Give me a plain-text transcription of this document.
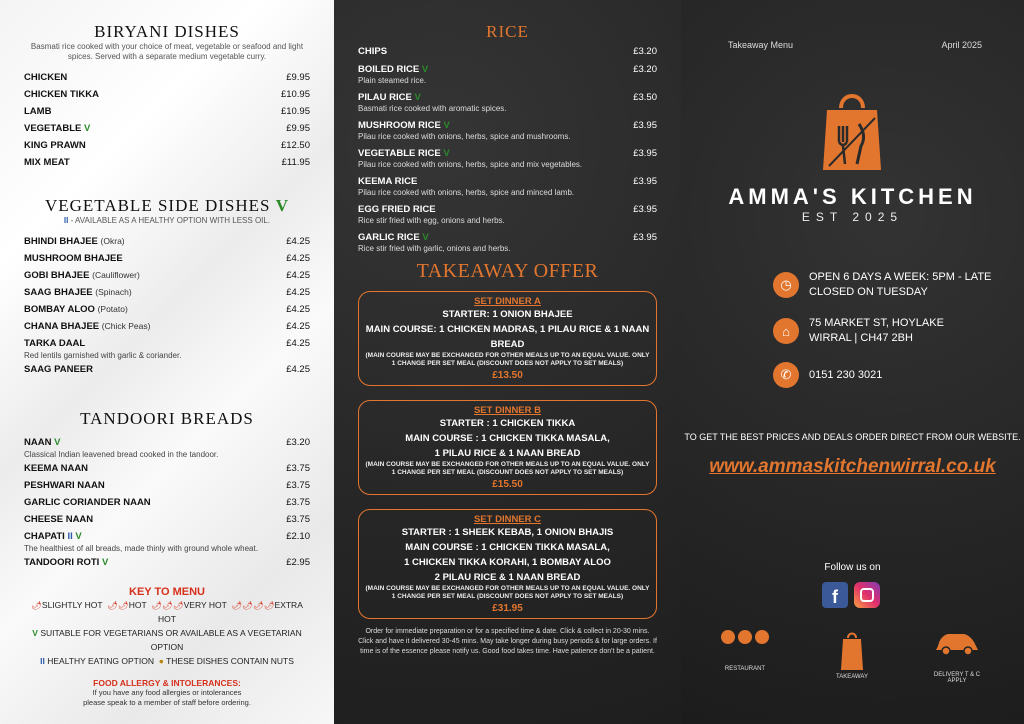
BIRYANI DISHES
Basmati rice cooked with your choice of meat, vegetable or seafood and light spices. Served with a separate medium vegetable curry.
CHICKEN	£9.95
CHICKEN TIKKA	£10.95
LAMB	£10.95
VEGETABLE V	£9.95
KING PRAWN	£12.50
MIX MEAT	£11.95
VEGETABLE SIDE DISHES V
II - AVAILABLE AS A HEALTHY OPTION WITH LESS OIL.
BHINDI BHAJEE (Okra)	£4.25
MUSHROOM BHAJEE	£4.25
GOBI BHAJEE (Cauliflower)	£4.25
SAAG BHAJEE (Spinach)	£4.25
BOMBAY ALOO (Potato)	£4.25
CHANA BHAJEE (Chick Peas)	£4.25
TARKA DAAL	£4.25
Red lentils garnished with garlic & coriander.
SAAG PANEER	£4.25
TANDOORI BREADS
NAAN V	£3.20
Classical Indian leavened bread cooked in the tandoor.
KEEMA NAAN	£3.75
PESHWARI NAAN	£3.75
GARLIC CORIANDER NAAN	£3.75
CHEESE NAAN	£3.75
CHAPATI II V	£2.10
The healthiest of all breads, made thinly with ground whole wheat.
TANDOORI ROTI V	£2.95
KEY TO MENU
🌶SLIGHTLY HOT 🌶🌶HOT 🌶🌶🌶VERY HOT 🌶🌶🌶🌶EXTRA HOT
V SUITABLE FOR VEGETARIANS OR AVAILABLE AS A VEGETARIAN OPTION
II HEALTHY EATING OPTION ● THESE DISHES CONTAIN NUTS
FOOD ALLERGY & INTOLERANCES:
If you have any food allergies or intolerances
please speak to a member of staff before ordering.
RICE
CHIPS	£3.20
BOILED RICE V	£3.20
Plain steamed rice.
PILAU RICE V	£3.50
Basmati rice cooked with aromatic spices.
MUSHROOM RICE V	£3.95
Pilau rice cooked with onions, herbs, spice and mushrooms.
VEGETABLE RICE V	£3.95
Pilau rice cooked with onions, herbs, spice and mix vegetables.
KEEMA RICE	£3.95
Pilau rice cooked with onions, herbs, spice and minced lamb.
EGG FRIED RICE	£3.95
Rice stir fried with egg, onions and herbs.
GARLIC RICE V	£3.95
Rice stir fried with garlic, onions and herbs.
TAKEAWAY OFFER
SET DINNER A
STARTER: 1 ONION BHAJEE
MAIN COURSE: 1 CHICKEN MADRAS, 1 PILAU RICE & 1 NAAN
BREAD
(MAIN COURSE MAY BE EXCHANGED FOR OTHER MEALS UP TO AN EQUAL VALUE. ONLY 1 CHANGE PER SET MEAL (DISCOUNT DOES NOT APPLY TO SET MEALS)
£13.50
SET DINNER B
STARTER : 1 CHICKEN TIKKA
MAIN COURSE : 1 CHICKEN TIKKA MASALA,
1 PILAU RICE & 1 NAAN BREAD
(MAIN COURSE MAY BE EXCHANGED FOR OTHER MEALS UP TO AN EQUAL VALUE. ONLY 1 CHANGE PER SET MEAL (DISCOUNT DOES NOT APPLY TO SET MEALS)
£15.50
SET DINNER C
STARTER : 1 SHEEK KEBAB, 1 ONION BHAJIS
MAIN COURSE : 1 CHICKEN TIKKA MASALA,
1 CHICKEN TIKKA KORAHI, 1 BOMBAY ALOO
2 PILAU RICE & 1 NAAN BREAD
(MAIN COURSE MAY BE EXCHANGED FOR OTHER MEALS UP TO AN EQUAL VALUE. ONLY 1 CHANGE PER SET MEAL (DISCOUNT DOES NOT APPLY TO SET MEALS)
£31.95
Order for immediate preparation or for a specified time & date. Click & collect in 20-30 mins. Click and have it delivered 30-45 mins. May take longer during busy periods & for large orders. If time is of the essence please notify us. Good food takes time. Have patience don't be a patient.
Takeaway Menu	April 2025
AMMA'S KITCHEN
EST 2025
◷	OPEN 6 DAYS A WEEK: 5PM - LATE
CLOSED ON TUESDAY
⌂
75 MARKET ST, HOYLAKE
WIRRAL | CH47 2BH
✆	0151 230 3021
TO GET THE BEST PRICES AND DEALS ORDER DIRECT FROM OUR WEBSITE.
www.ammaskitchenwirral.co.uk
Follow us on
f
RESTAURANT
TAKEAWAY	DELIVERY T & C APPLY
